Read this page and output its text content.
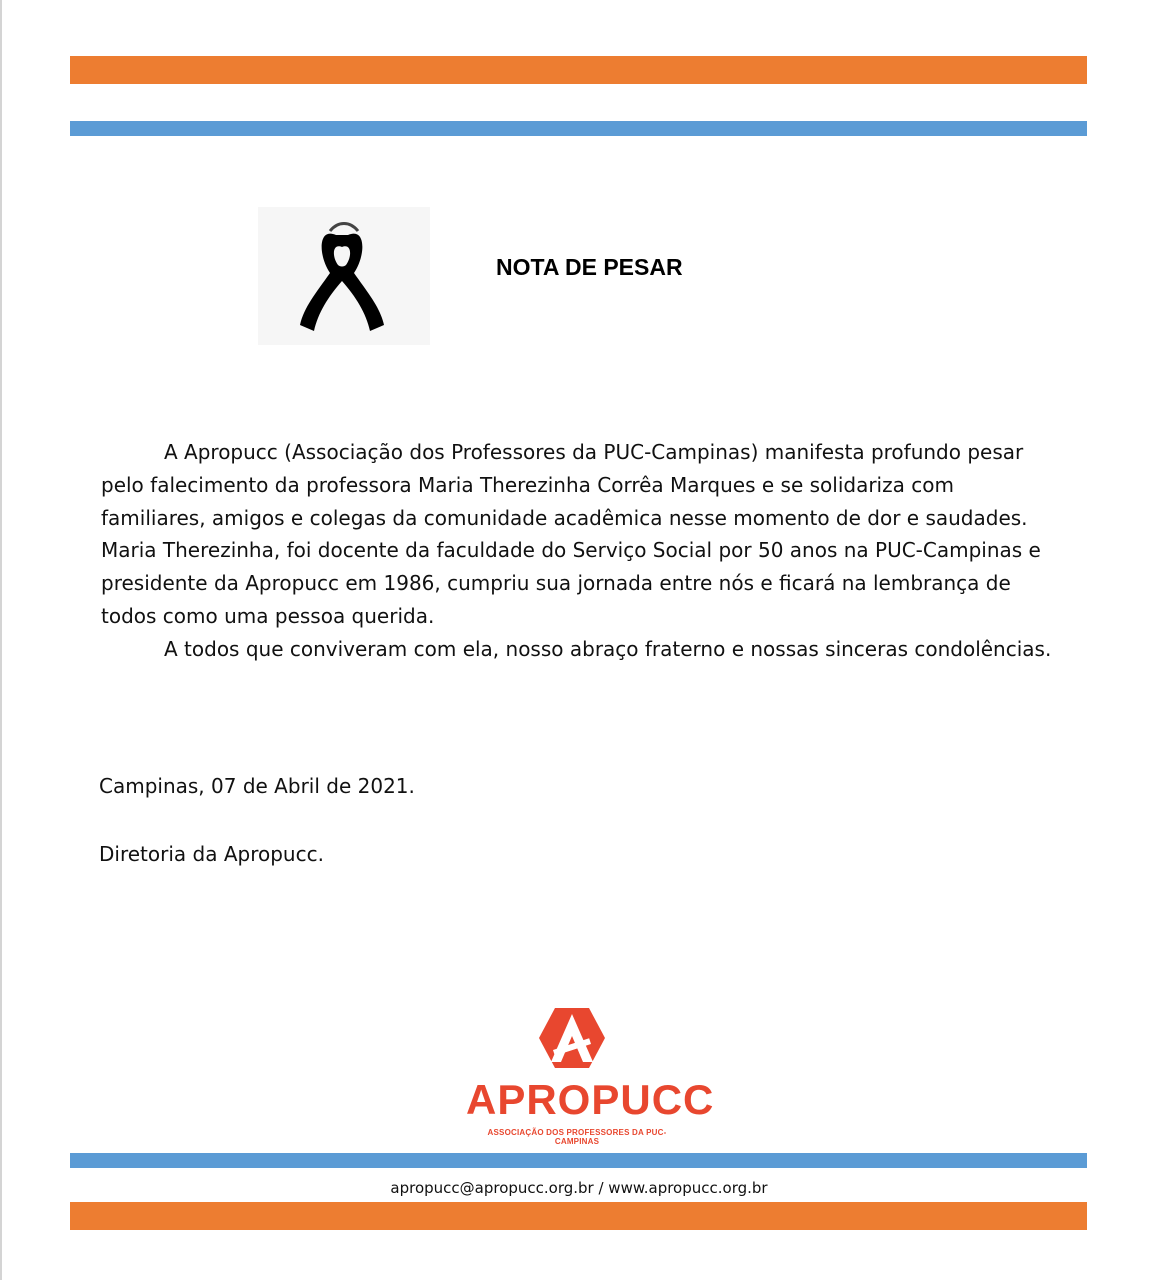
NOTA DE PESAR

A Apropucc (Associação dos Professores da PUC-Campinas) manifesta profundo pesar pelo falecimento da professora Maria Therezinha Corrêa Marques e se solidariza com familiares, amigos e colegas da comunidade acadêmica nesse momento de dor e saudades. Maria Therezinha, foi docente da faculdade do Serviço Social por 50 anos na PUC-Campinas e presidente da Apropucc em 1986, cumpriu sua jornada entre nós e ficará na lembrança de todos como uma pessoa querida.

A todos que conviveram com ela, nosso abraço fraterno e nossas sinceras condolências.

Campinas, 07 de Abril de 2021.
Diretoria da Apropucc.
APROPUCC
ASSOCIAÇÃO DOS PROFESSORES DA PUC-CAMPINAS
apropucc@apropucc.org.br / www.apropucc.org.br
